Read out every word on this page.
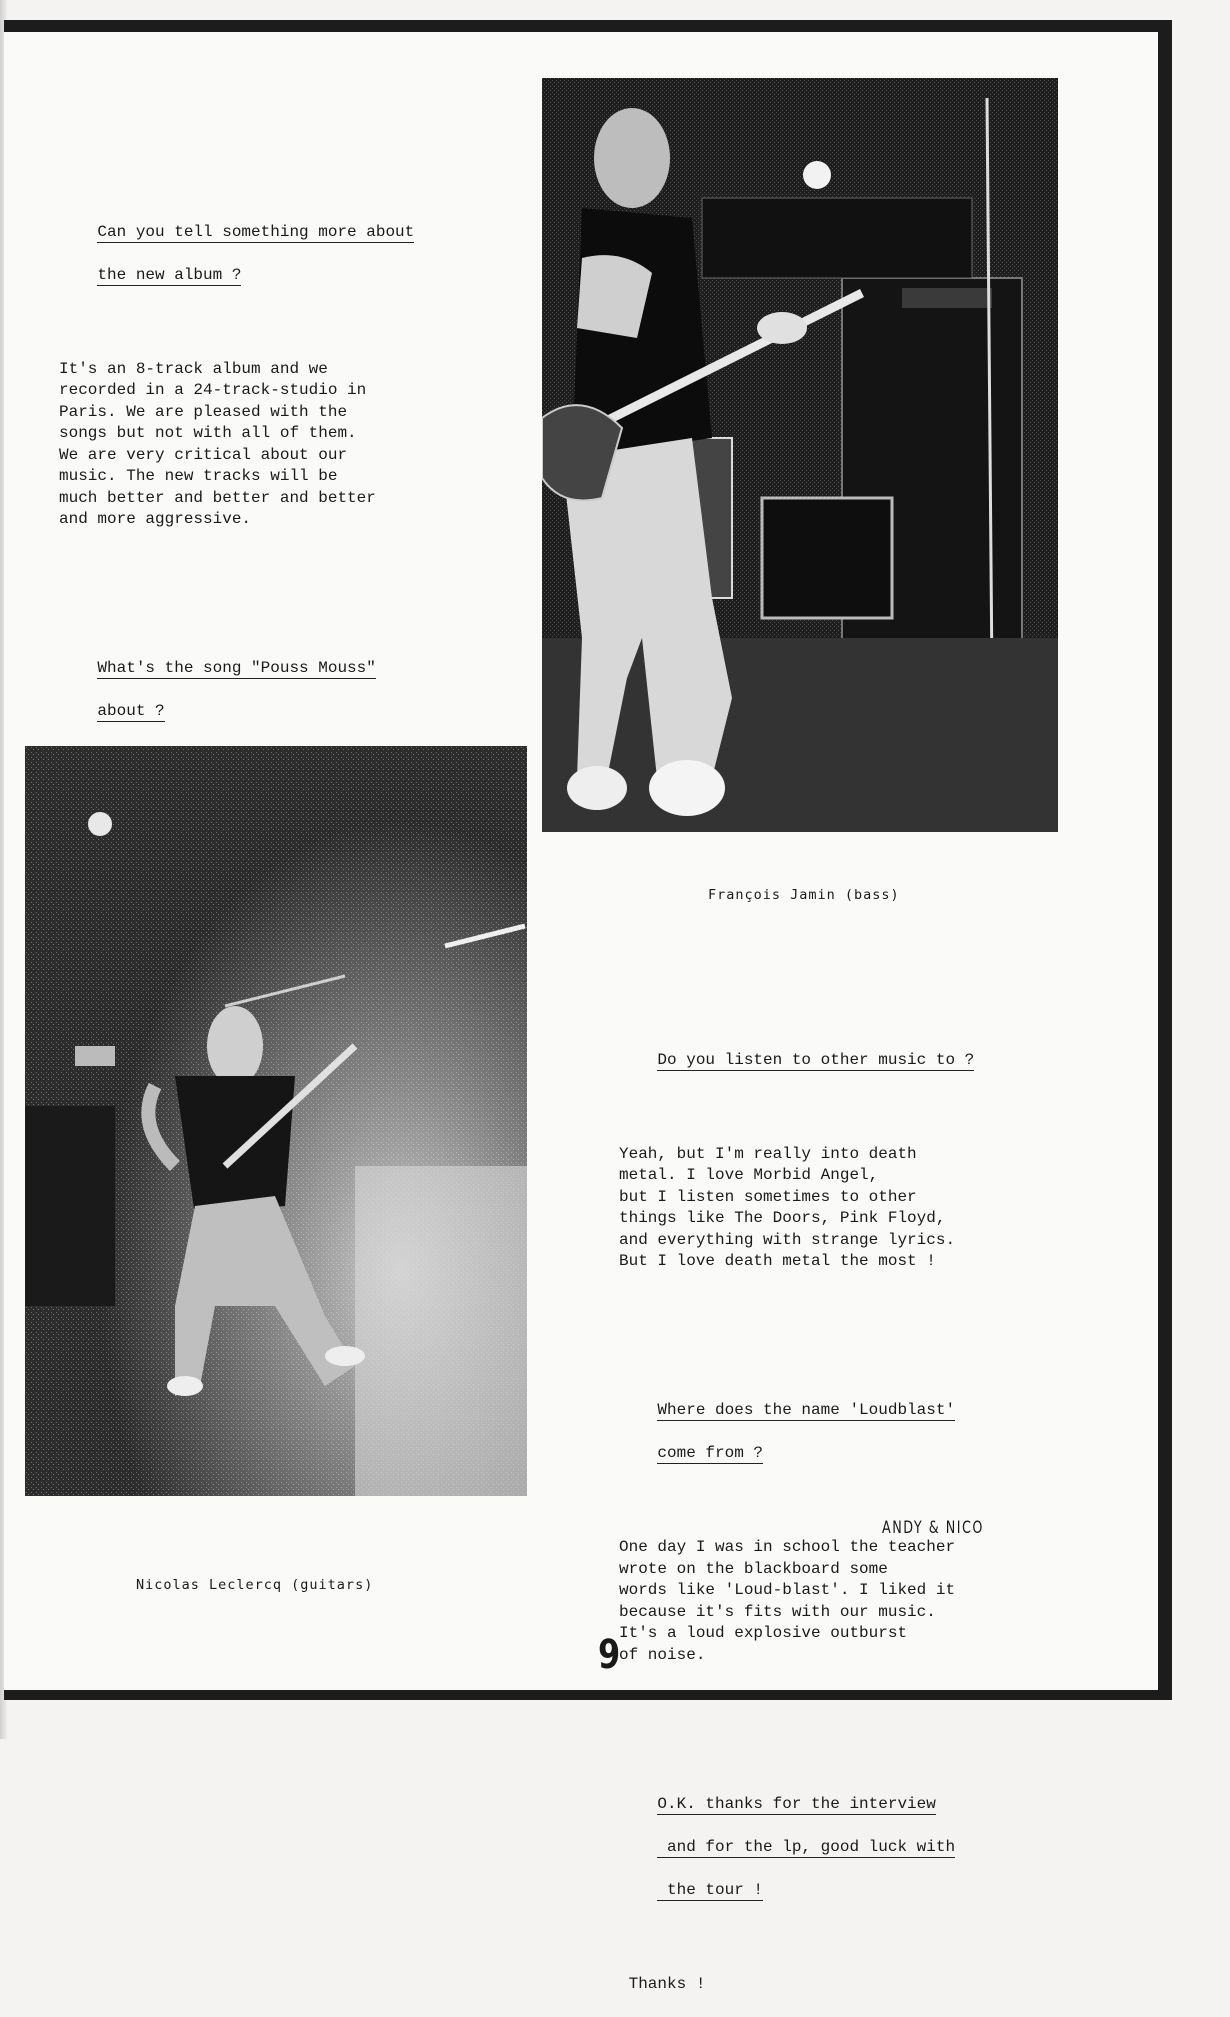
Can you tell something more about

the new album ?

It's an 8-track album and we
recorded in a 24-track-studio in
Paris. We are pleased with the
songs but not with all of them.
We are very critical about our
music. The new tracks will be
much better and better and better
and more aggressive.

What's the song "Pouss Mouss"

about ?

François Jamin (bass)
Nicolas Leclercq (guitars)

Do you listen to other music to ?

Yeah, but I'm really into death
metal. I love Morbid Angel,
but I listen sometimes to other
things like The Doors, Pink Floyd,
and everything with strange lyrics.
But I love death metal the most !

Where does the name 'Loudblast'

come from ?

One day I was in school the teacher
wrote on the blackboard some
words like 'Loud-blast'. I liked it
because it's fits with our music.
It's a loud explosive outburst
of noise.

O.K. thanks for the interview

and for the lp, good luck with

the tour !

Thanks !

ANDY & NICO
9
